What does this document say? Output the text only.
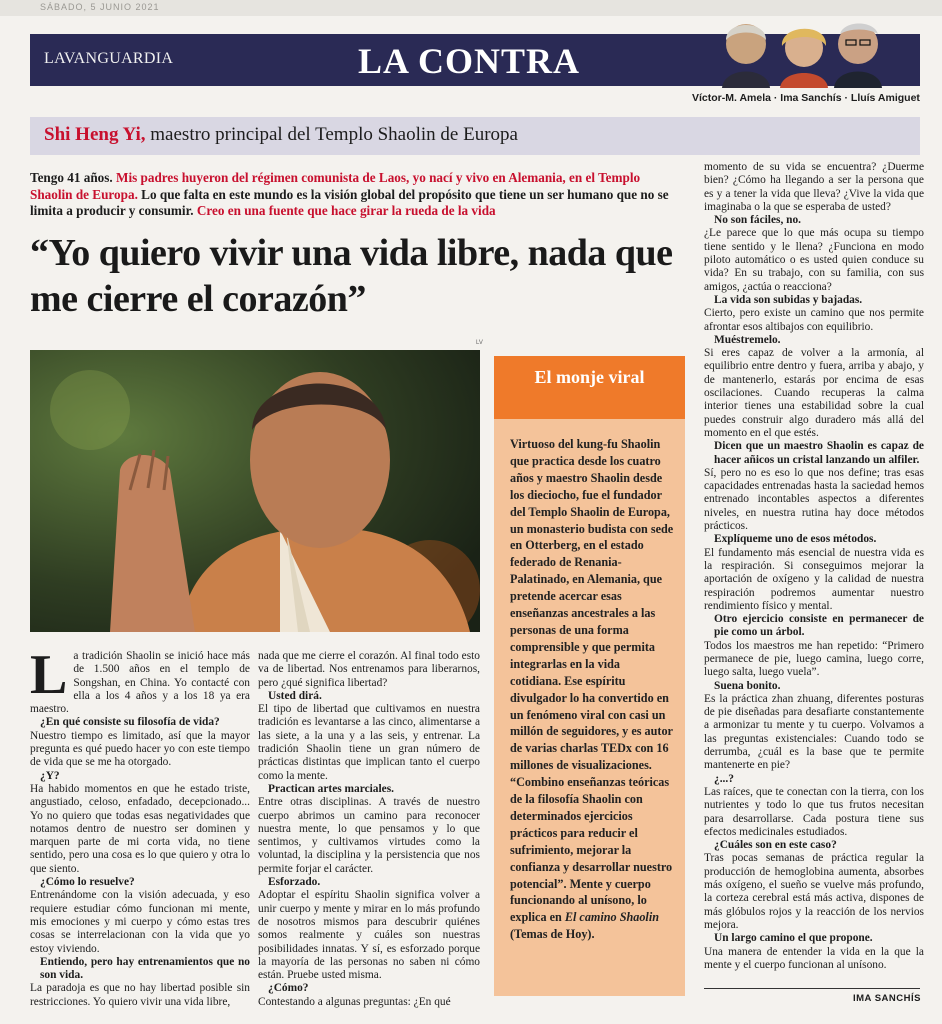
SÁBADO, 5 JUNIO 2021
LAVANGUARDIA	LA CONTRA
Víctor-M. Amela · Ima Sanchís · Lluís Amiguet
Shi Heng Yi, maestro principal del Templo Shaolin de Europa
Tengo 41 años. Mis padres huyeron del régimen comunista de Laos, yo nací y vivo en Alemania, en el Templo Shaolin de Europa. Lo que falta en este mundo es la visión global del propósito que tiene un ser humano que no se limita a producir y consumir. Creo en una fuente que hace girar la rueda de la vida
“Yo quiero vivir una vida libre, nada que me cierre el corazón”
LV
El monje viral
Virtuoso del kung-fu Shaolin que practica desde los cuatro años y maestro Shaolin desde los dieciocho, fue el fundador del Templo Shaolin de Europa, un monasterio budista con sede en Otterberg, en el estado federado de Renania-Palatinado, en Alemania, que pretende acercar esas enseñanzas ancestrales a las personas de una forma comprensible y que permita integrarlas en la vida cotidiana. Ese espíritu divulgador lo ha convertido en un fenómeno viral con casi un millón de seguidores, y es autor de varias charlas TEDx con 16 millones de visualizaciones. “Combino enseñanzas teóricas de la filosofía Shaolin con determinados ejercicios prácticos para reducir el sufrimiento, mejorar la confianza y desarrollar nuestro potencial”. Mente y cuerpo funcionando al unísono, lo explica en El camino Shaolin (Temas de Hoy).

La tradición Shaolin se inició hace más de 1.500 años en el templo de Songshan, en China. Yo contacté con ella a los 4 años y a los 18 ya era maestro.

¿En qué consiste su filosofía de vida?

Nuestro tiempo es limitado, así que la mayor pregunta es qué puedo hacer yo con este tiempo de vida que se me ha otorgado.

¿Y?

Ha habido momentos en que he estado triste, angustiado, celoso, enfadado, decepcionado... Yo no quiero que todas esas negatividades que notamos dentro de nuestro ser dominen y marquen parte de mi corta vida, no tiene sentido, pero una cosa es lo que quiero y otra lo que siento.

¿Cómo lo resuelve?

Entrenándome con la visión adecuada, y eso requiere estudiar cómo funcionan mi mente, mis emociones y mi cuerpo y cómo estas tres cosas se interrelacionan con la vida que yo estoy viviendo.

Entiendo, pero hay entrenamientos que no son vida.

La paradoja es que no hay libertad posible sin restricciones. Yo quiero vivir una vida libre,

nada que me cierre el corazón. Al final todo esto va de libertad. Nos entrenamos para liberarnos, pero ¿qué significa libertad?

Usted dirá.

El tipo de libertad que cultivamos en nuestra tradición es levantarse a las cinco, alimentarse a las siete, a la una y a las seis, y entrenar. La tradición Shaolin tiene un gran número de prácticas distintas que implican tanto el cuerpo como la mente.

Practican artes marciales.

Entre otras disciplinas. A través de nuestro cuerpo abrimos un camino para reconocer nuestra mente, lo que pensamos y lo que sentimos, y cultivamos virtudes como la voluntad, la disciplina y la persistencia que nos permite forjar el carácter.

Esforzado.

Adoptar el espíritu Shaolin significa volver a unir cuerpo y mente y mirar en lo más profundo de nosotros mismos para descubrir quiénes somos realmente y cuáles son nuestras posibilidades innatas. Y sí, es esforzado porque la mayoría de las personas no saben ni cómo están. Pruebe usted misma.

¿Cómo?

Contestando a algunas preguntas: ¿En qué

momento de su vida se encuentra? ¿Duerme bien? ¿Cómo ha llegando a ser la persona que es y a tener la vida que lleva? ¿Vive la vida que imaginaba o la que se esperaba de usted?

No son fáciles, no.

¿Le parece que lo que más ocupa su tiempo tiene sentido y le llena? ¿Funciona en modo piloto automático o es usted quien conduce su vida? En su trabajo, con su familia, con sus amigos, ¿actúa o reacciona?

La vida son subidas y bajadas.

Cierto, pero existe un camino que nos permite afrontar esos altibajos con equilibrio.

Muéstremelo.

Si eres capaz de volver a la armonía, al equilibrio entre dentro y fuera, arriba y abajo, y de mantenerlo, estarás por encima de esas oscilaciones. Cuando recuperas la calma interior tienes una estabilidad sobre la cual puedes construir algo duradero más allá del momento en el que estés.

Dicen que un maestro Shaolin es capaz de hacer añicos un cristal lanzando un alfiler.

Sí, pero no es eso lo que nos define; tras esas capacidades entrenadas hasta la saciedad hemos entrenado incontables aspectos a diferentes niveles, en nuestra rutina hay doce métodos prácticos.

Explíqueme uno de esos métodos.

El fundamento más esencial de nuestra vida es la respiración. Si conseguimos mejorar la aportación de oxígeno y la calidad de nuestra respiración podremos aumentar nuestro rendimiento físico y mental.

Otro ejercicio consiste en permanecer de pie como un árbol.

Todos los maestros me han repetido: “Primero permanece de pie, luego camina, luego corre, luego salta, luego vuela”.

Suena bonito.

Es la práctica zhan zhuang, diferentes posturas de pie diseñadas para desafiarte constantemente a armonizar tu mente y tu cuerpo. Volvamos a las preguntas existenciales: Cuando todo se derrumba, ¿cuál es la base que te permite mantenerte en pie?

¿...?

Las raíces, que te conectan con la tierra, con los nutrientes y todo lo que tus frutos necesitan para desarrollarse. Cada postura tiene sus efectos medicinales estudiados.

¿Cuáles son en este caso?

Tras pocas semanas de práctica regular la producción de hemoglobina aumenta, absorbes más oxígeno, el sueño se vuelve más profundo, la corteza cerebral está más activa, dispones de más glóbulos rojos y la reacción de los nervios mejora.

Un largo camino el que propone.

Una manera de entender la vida en la que la mente y el cuerpo funcionan al unísono.

IMA SANCHÍS
